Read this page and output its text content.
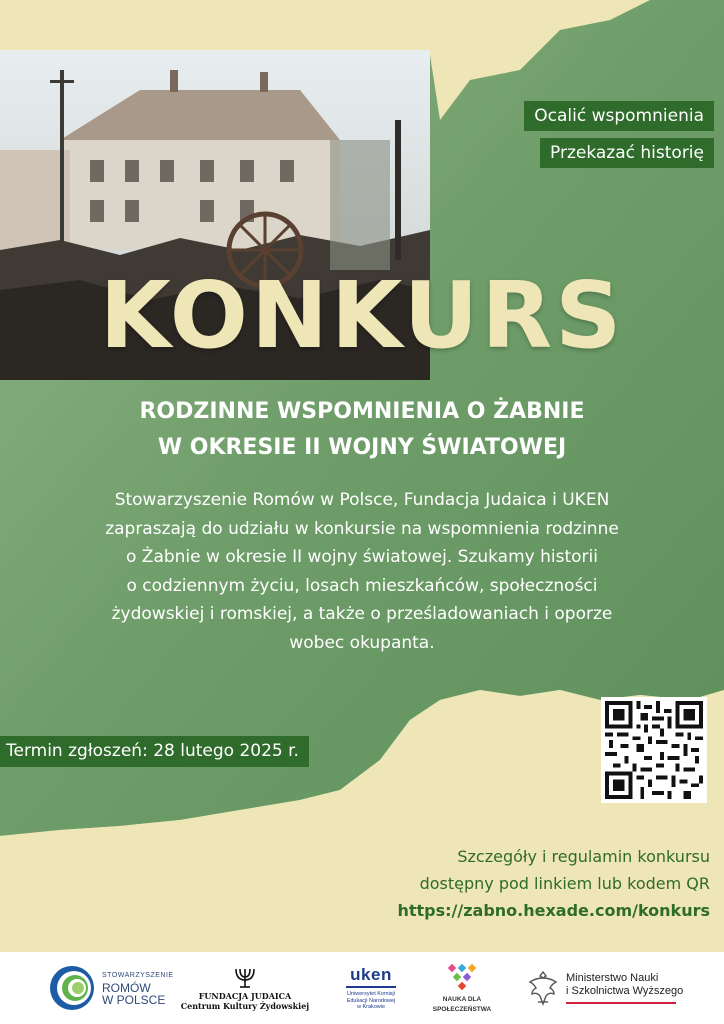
Ocalić wspomnienia
Przekazać historię
KONKURS
RODZINNE WSPOMNIENIA O ŻABNIE
W OKRESIE II WOJNY ŚWIATOWEJ
Stowarzyszenie Romów w Polsce, Fundacja Judaica i UKEN
zapraszają do udziału w konkursie na wspomnienia rodzinne
o Żabnie w okresie II wojny światowej. Szukamy historii
o codziennym życiu, losach mieszkańców, społeczności
żydowskiej i romskiej, a także o prześladowaniach i oporze
wobec okupanta.
Termin zgłoszeń: 28 lutego 2025 r.
Szczegóły i regulamin konkursu
dostępny pod linkiem lub kodem QR
https://zabno.hexade.com/konkurs
STOWARZYSZENIE
ROMÓW
W POLSCE	FUNDACJA JUDAICA
Centrum Kultury Żydowskiej
uken
Uniwersytet Komisji
Edukacji Narodowej
w Krakowie
NAUKA DLA
SPOŁECZEŃSTWA
Ministerstwo Nauki
i Szkolnictwa Wyższego
